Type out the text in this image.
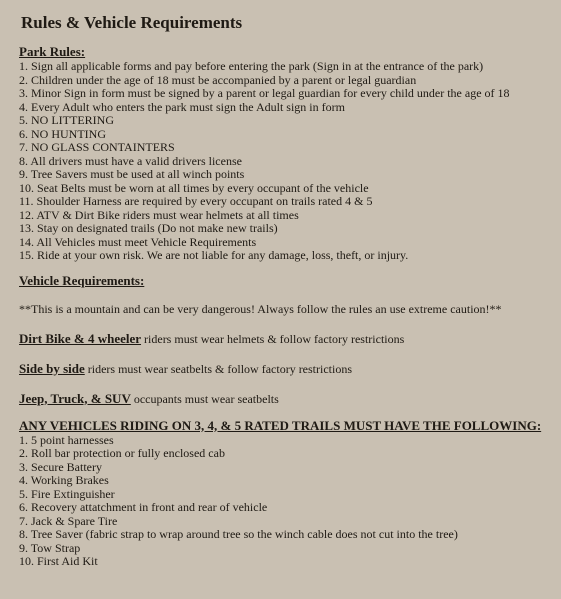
Rules & Vehicle Requirements
Park Rules:
1. Sign all applicable forms and pay before entering the park (Sign in at the entrance of the park)
2. Children under the age of 18 must be accompanied by a parent or legal guardian
3. Minor Sign in form must be signed by a parent or legal guardian for every child under the age of 18
4. Every Adult who enters the park must sign the Adult sign in form
5. NO LITTERING
6. NO HUNTING
7. NO GLASS CONTAINTERS
8. All drivers must have a valid drivers license
9. Tree Savers must be used at all winch points
10. Seat Belts must be worn at all times by every occupant of the vehicle
11. Shoulder Harness are required by every occupant on trails rated 4 & 5
12. ATV & Dirt Bike riders must wear helmets at all times
13. Stay on designated trails (Do not make new trails)
14. All Vehicles must meet Vehicle Requirements
15. Ride at your own risk. We are not liable for any damage, loss, theft, or injury.
Vehicle Requirements:
**This is a mountain and can be very dangerous! Always follow the rules an use extreme caution!**
Dirt Bike & 4 wheeler riders must wear helmets & follow factory restrictions
Side by side riders must wear seatbelts & follow factory restrictions
Jeep, Truck, & SUV occupants must wear seatbelts
ANY VEHICLES RIDING ON 3, 4, & 5 RATED TRAILS MUST HAVE THE FOLLOWING:
1. 5 point harnesses
2. Roll bar protection or fully enclosed cab
3. Secure Battery
4. Working Brakes
5. Fire Extinguisher
6. Recovery attatchment in front and rear of vehicle
7. Jack & Spare Tire
8. Tree Saver (fabric strap to wrap around tree so the winch cable does not cut into the tree)
9. Tow Strap
10. First Aid Kit
